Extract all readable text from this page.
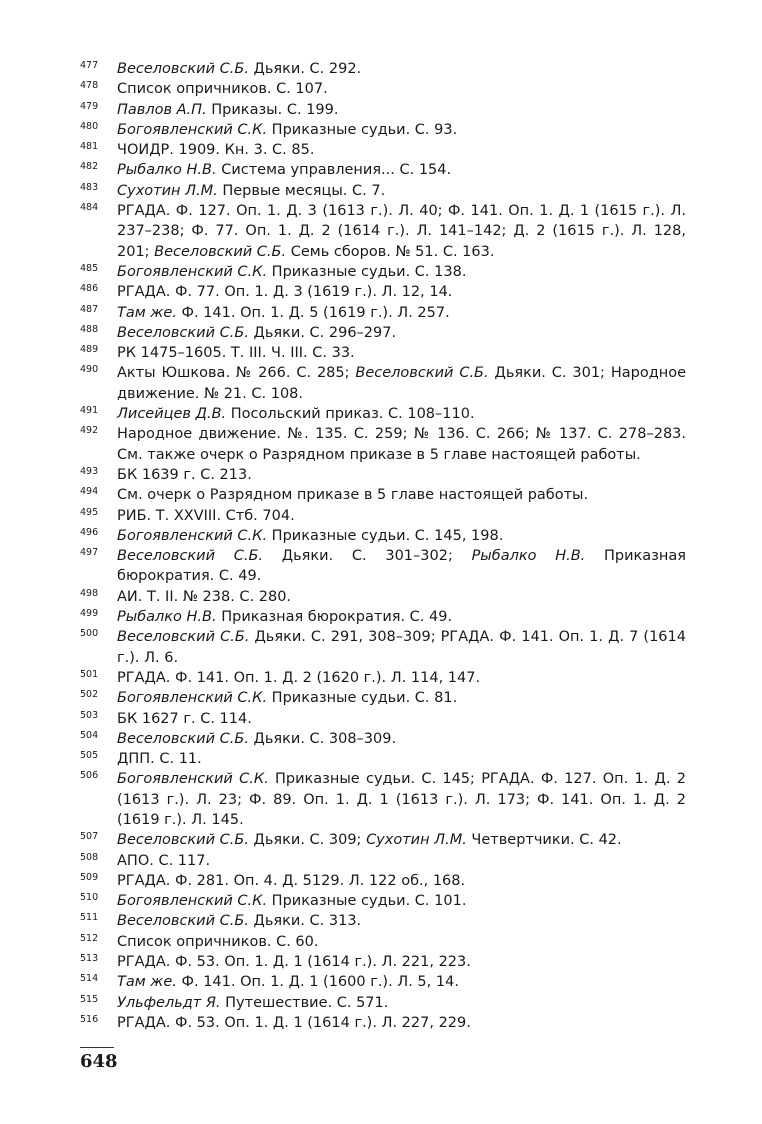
477 Веселовский С.Б. Дьяки. С. 292.
478 Список опричников. С. 107.
479 Павлов А.П. Приказы. С. 199.
480 Богоявленский С.К. Приказные судьи. С. 93.
481 ЧОИДР. 1909. Кн. 3. С. 85.
482 Рыбалко Н.В. Система управления... С. 154.
483 Сухотин Л.М. Первые месяцы. С. 7.
484 РГАДА. Ф. 127. Оп. 1. Д. 3 (1613 г.). Л. 40; Ф. 141. Оп. 1. Д. 1 (1615 г.). Л. 237–238; Ф. 77. Оп. 1. Д. 2 (1614 г.). Л. 141–142; Д. 2 (1615 г.). Л. 128, 201; Веселовский С.Б. Семь сборов. № 51. С. 163.
485 Богоявленский С.К. Приказные судьи. С. 138.
486 РГАДА. Ф. 77. Оп. 1. Д. 3 (1619 г.). Л. 12, 14.
487 Там же. Ф. 141. Оп. 1. Д. 5 (1619 г.). Л. 257.
488 Веселовский С.Б. Дьяки. С. 296–297.
489 РК 1475–1605. Т. III. Ч. III. С. 33.
490 Акты Юшкова. № 266. С. 285; Веселовский С.Б. Дьяки. С. 301; Народное движение. № 21. С. 108.
491 Лисейцев Д.В. Посольский приказ. С. 108–110.
492 Народное движение. №. 135. С. 259; № 136. С. 266; № 137. С. 278–283. См. также очерк о Разрядном приказе в 5 главе настоящей работы.
493 БК 1639 г. С. 213.
494 См. очерк о Разрядном приказе в 5 главе настоящей работы.
495 РИБ. Т. XXVIII. Стб. 704.
496 Богоявленский С.К. Приказные судьи. С. 145, 198.
497 Веселовский С.Б. Дьяки. С. 301–302; Рыбалко Н.В. Приказная бюрократия. С. 49.
498 АИ. Т. II. № 238. С. 280.
499 Рыбалко Н.В. Приказная бюрократия. С. 49.
500 Веселовский С.Б. Дьяки. С. 291, 308–309; РГАДА. Ф. 141. Оп. 1. Д. 7 (1614 г.). Л. 6.
501 РГАДА. Ф. 141. Оп. 1. Д. 2 (1620 г.). Л. 114, 147.
502 Богоявленский С.К. Приказные судьи. С. 81.
503 БК 1627 г. С. 114.
504 Веселовский С.Б. Дьяки. С. 308–309.
505 ДПП. С. 11.
506 Богоявленский С.К. Приказные судьи. С. 145; РГАДА. Ф. 127. Оп. 1. Д. 2 (1613 г.). Л. 23; Ф. 89. Оп. 1. Д. 1 (1613 г.). Л. 173; Ф. 141. Оп. 1. Д. 2 (1619 г.). Л. 145.
507 Веселовский С.Б. Дьяки. С. 309; Сухотин Л.М. Четвертчики. С. 42.
508 АПО. С. 117.
509 РГАДА. Ф. 281. Оп. 4. Д. 5129. Л. 122 об., 168.
510 Богоявленский С.К. Приказные судьи. С. 101.
511 Веселовский С.Б. Дьяки. С. 313.
512 Список опричников. С. 60.
513 РГАДА. Ф. 53. Оп. 1. Д. 1 (1614 г.). Л. 221, 223.
514 Там же. Ф. 141. Оп. 1. Д. 1 (1600 г.). Л. 5, 14.
515 Ульфельдт Я. Путешествие. С. 571.
516 РГАДА. Ф. 53. Оп. 1. Д. 1 (1614 г.). Л. 227, 229.
648
